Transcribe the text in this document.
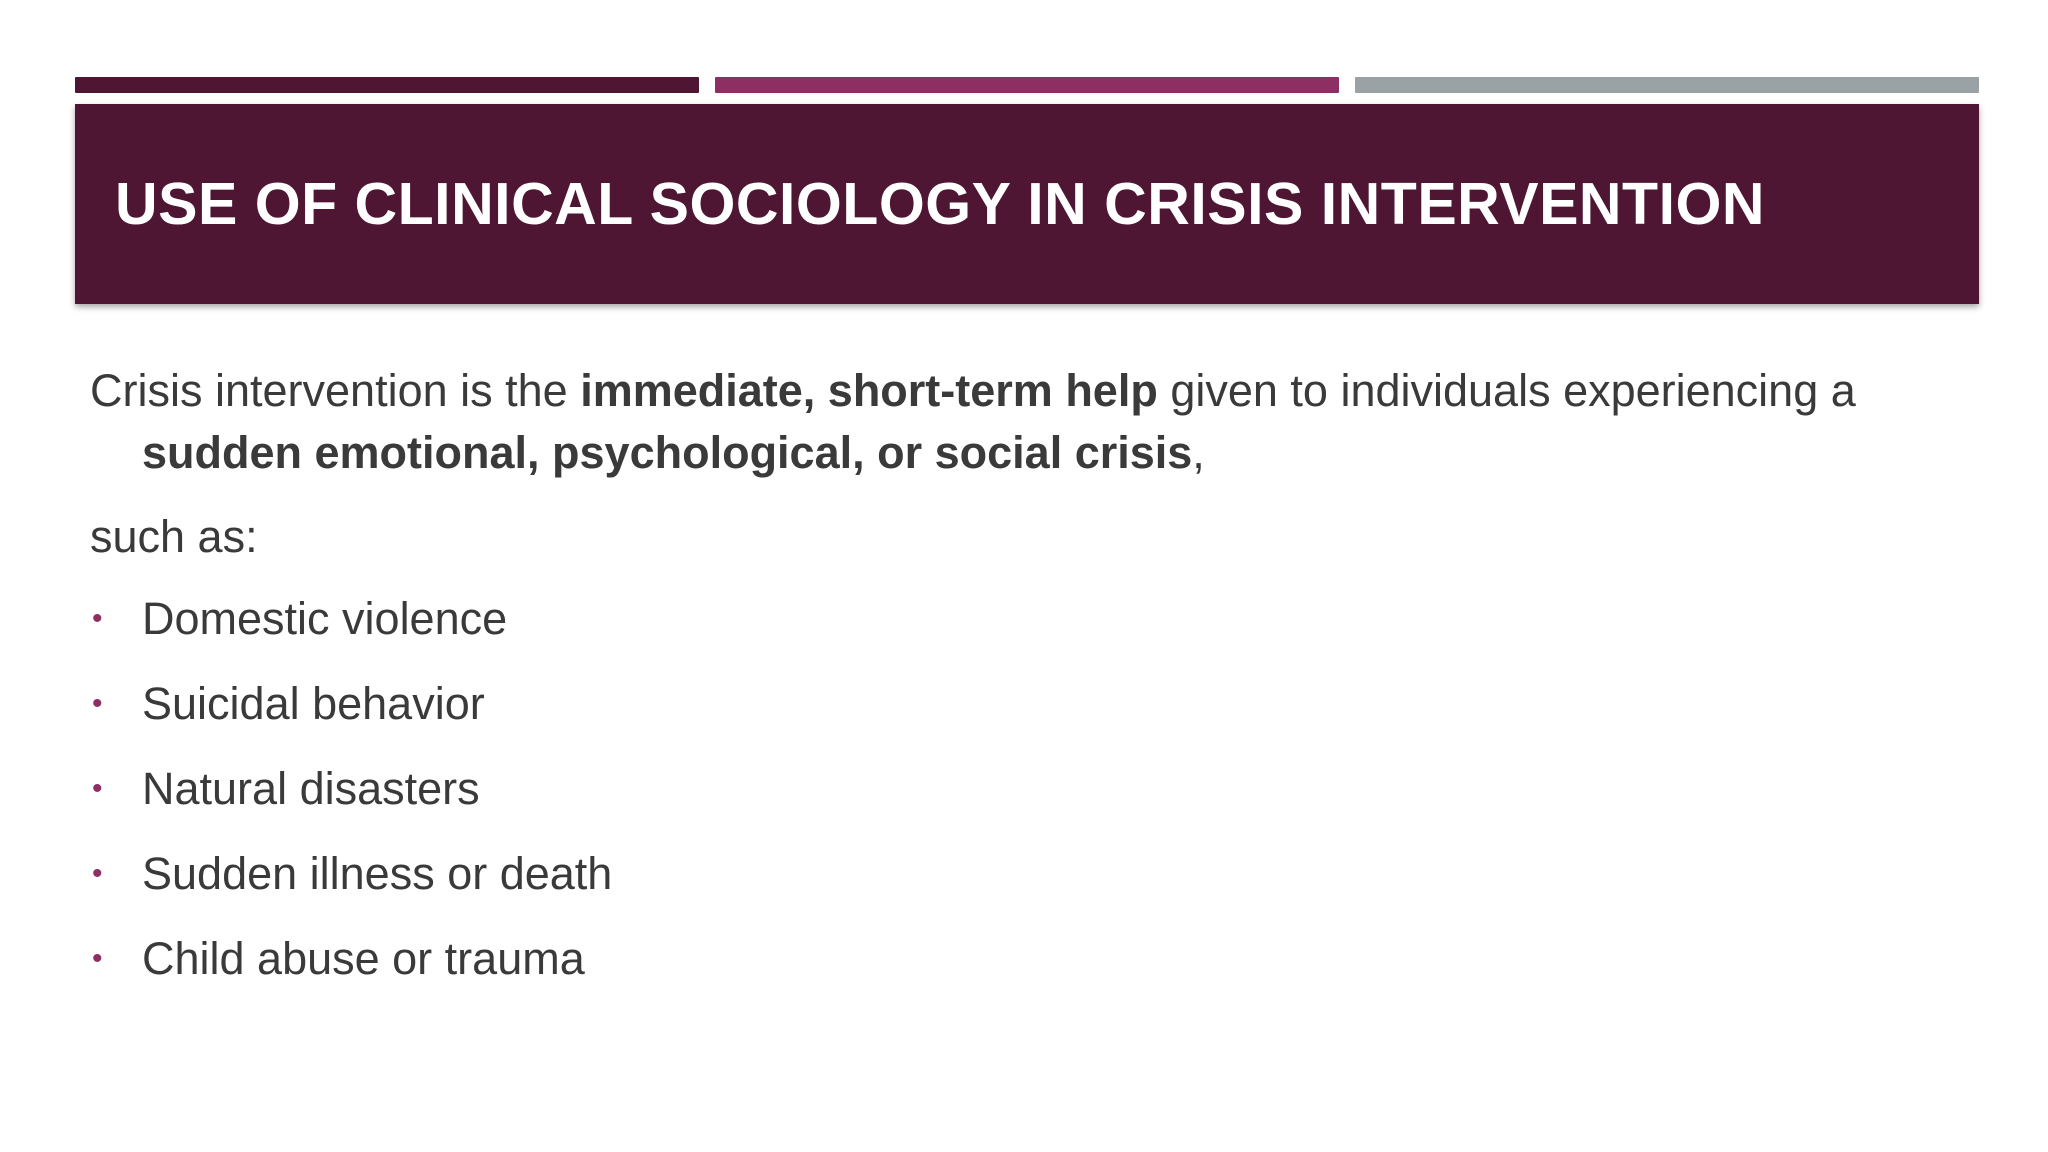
USE OF CLINICAL SOCIOLOGY IN CRISIS INTERVENTION

Crisis intervention is the immediate, short-term help given to individuals experiencing a sudden emotional, psychological, or social crisis,

such as:

• Domestic violence
• Suicidal behavior
• Natural disasters
• Sudden illness or death
• Child abuse or trauma
